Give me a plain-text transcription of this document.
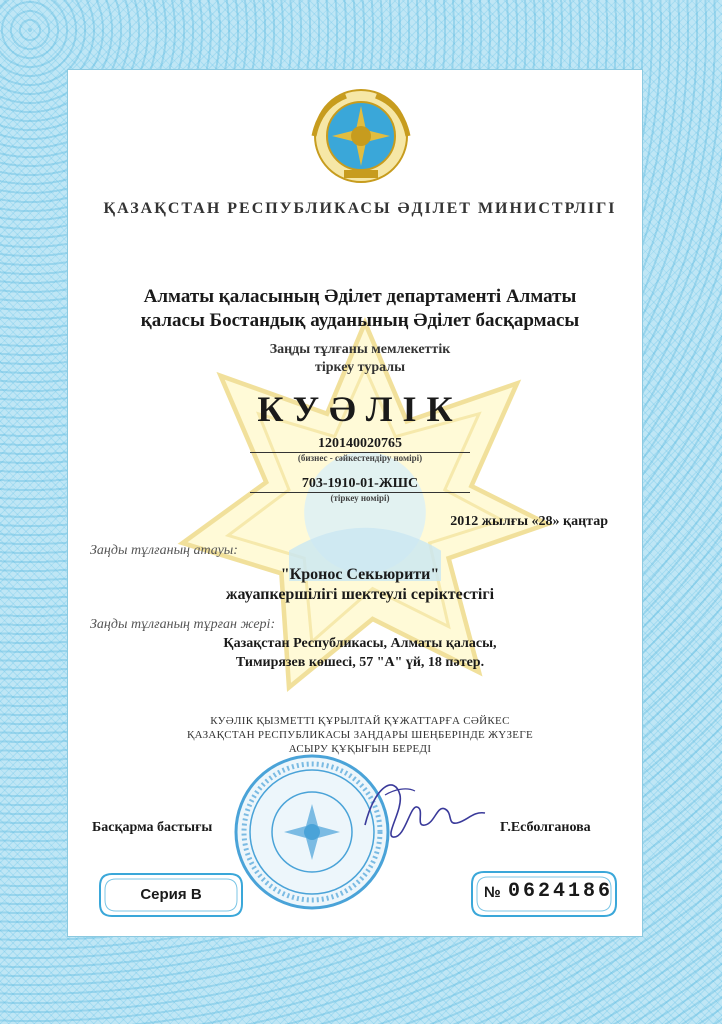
ҚАЗАҚСТАН РЕСПУБЛИКАСЫ ӘДІЛЕТ МИНИСТРЛІГІ
Алматы қаласының Әділет департаменті Алматы
қаласы Бостандық ауданының Әділет басқармасы
Заңды тұлғаны мемлекеттік
тіркеу туралы
КУӘЛІК
120140020765
(бизнес - сәйкестендіру номірі)
703-1910-01-ЖШС
(тіркеу номірі)
2012 жылғы «28» қаңтар
Заңды тұлғаның атауы:
"Кронос Секьюрити"
жауапкершілігі шектеулі серіктестігі
Заңды тұлғаның тұрған жері:
Қазақстан Республикасы, Алматы қаласы,
Тимирязев көшесі, 57 "А" үй, 18 пәтер.
КУӘЛІК ҚЫЗМЕТТІ ҚҰРЫЛТАЙ ҚҰЖАТТАРҒА СӘЙКЕС
ҚАЗАҚСТАН РЕСПУБЛИКАСЫ ЗАҢДАРЫ ШЕҢБЕРІНДЕ ЖҮЗЕГЕ
АСЫРУ ҚҰҚЫҒЫН БЕРЕДІ
Басқарма бастығы	Г.Есболганова
Серия В	№ 0624186
